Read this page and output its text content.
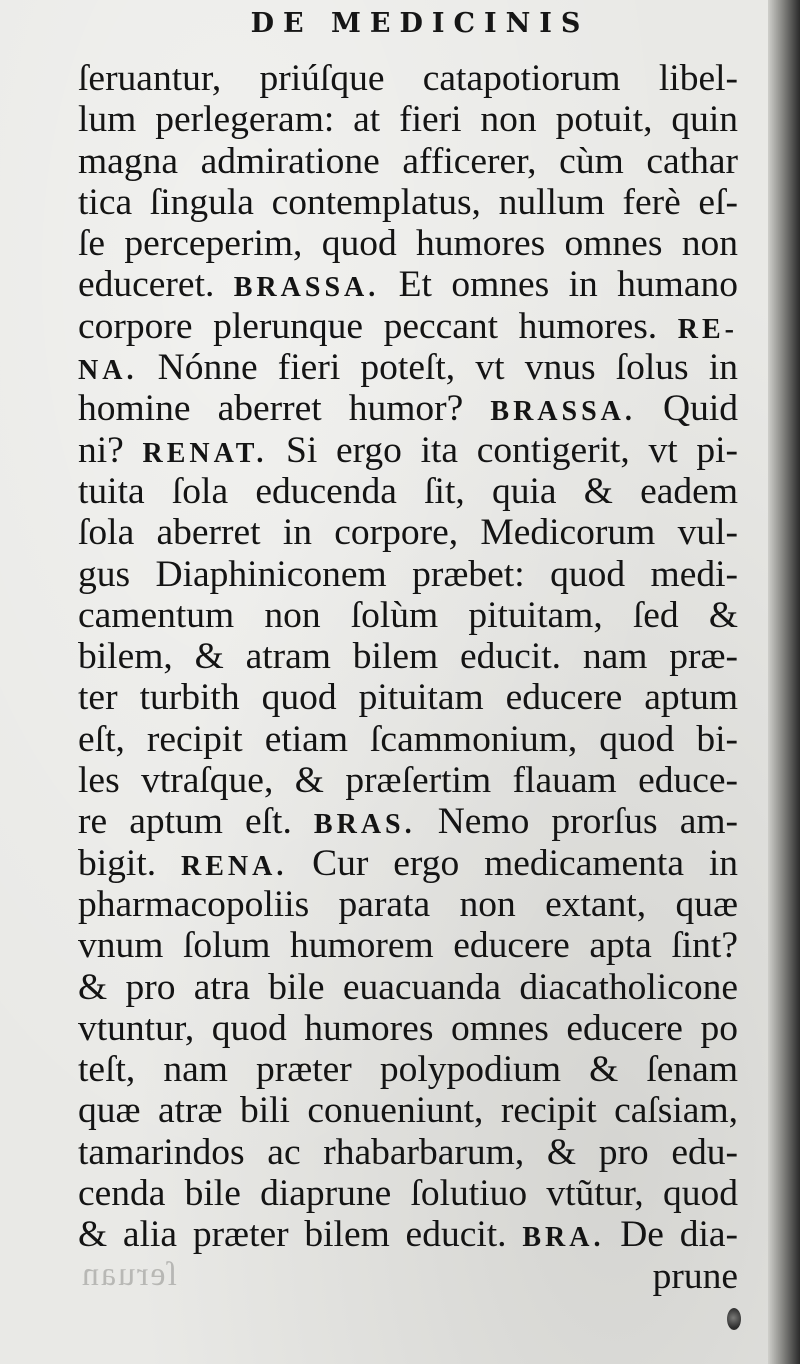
DE MEDICINIS
ſeruantur, priúſque catapotiorum libel-
lum perlegeram: at fieri non potuit, quin
magna admiratione afficerer, cùm cathar
tica ſingula contemplatus, nullum ferè eſ-
ſe perceperim, quod humores omnes non
educeret. BRASSA. Et omnes in humano
corpore plerunque peccant humores. RE-
NA. Nónne fieri poteſt, vt vnus ſolus in
homine aberret humor? BRASSA. Quid
ni? RENAT. Si ergo ita contigerit, vt pi-
tuita ſola educenda ſit, quia & eadem
ſola aberret in corpore, Medicorum vul-
gus Diaphiniconem præbet: quod medi-
camentum non ſolùm pituitam, ſed &
bilem, & atram bilem educit. nam præ-
ter turbith quod pituitam educere aptum
eſt, recipit etiam ſcammonium, quod bi-
les vtraſque, & præſertim flauam educe-
re aptum eſt. BRAS. Nemo prorſus am-
bigit. RENA. Cur ergo medicamenta in
pharmacopoliis parata non extant, quæ
vnum ſolum humorem educere apta ſint?
& pro atra bile euacuanda diacatholicone
vtuntur, quod humores omnes educere po
teſt, nam præter polypodium & ſenam
quæ atræ bili conueniunt, recipit caſsiam,
tamarindos ac rhabarbarum, & pro edu-
cenda bile diaprune ſolutiuo vtũtur, quod
& alia præter bilem educit. BRA. De dia-
prune
ſeruan
